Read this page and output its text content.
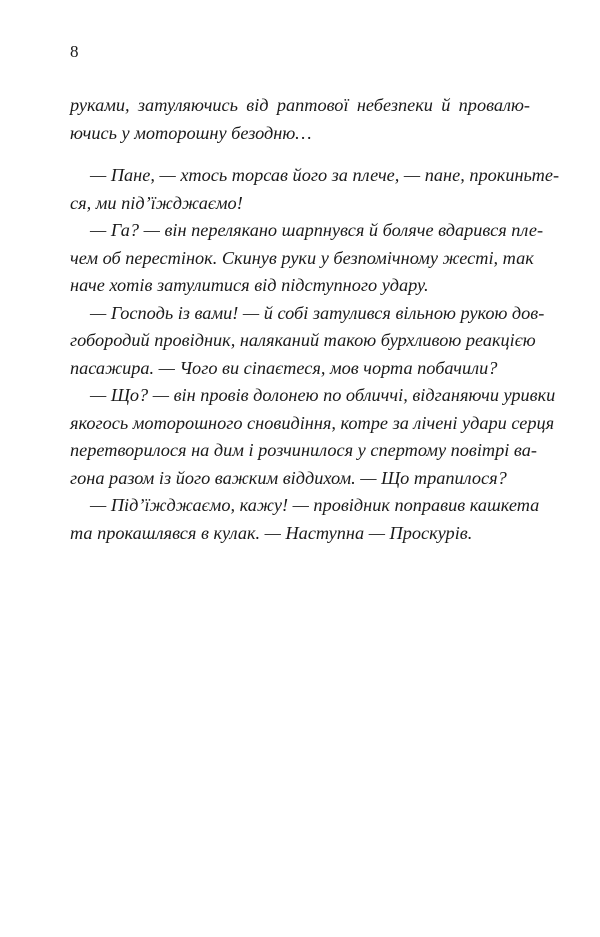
8
руками, затуляючись від раптової небезпеки й провалю-
ючись у моторошну безодню…
— Пане, — хтось торсав його за плече, — пане, прокиньте-
ся, ми під’їжджаємо!
— Га? — він перелякано шарпнувся й боляче вдарився пле-
чем об перестінок. Скинув руки у безпомічному жесті, так
наче хотів затулитися від підступного удару.
— Господь із вами! — й собі затулився вільною рукою дов-
гобородий провідник, наляканий такою бурхливою реакцією
пасажира. — Чого ви сіпаєтеся, мов чорта побачили?
— Що? — він провів долонею по обличчі, відганяючи уривки
якогось моторошного сновидіння, котре за лічені удари серця
перетворилося на дим і розчинилося у спертому повітрі ва-
гона разом із його важким віддихом. — Що трапилося?
— Під’їжджаємо, кажу! — провідник поправив кашкета
та прокашлявся в кулак. — Наступна — Проскурів.
